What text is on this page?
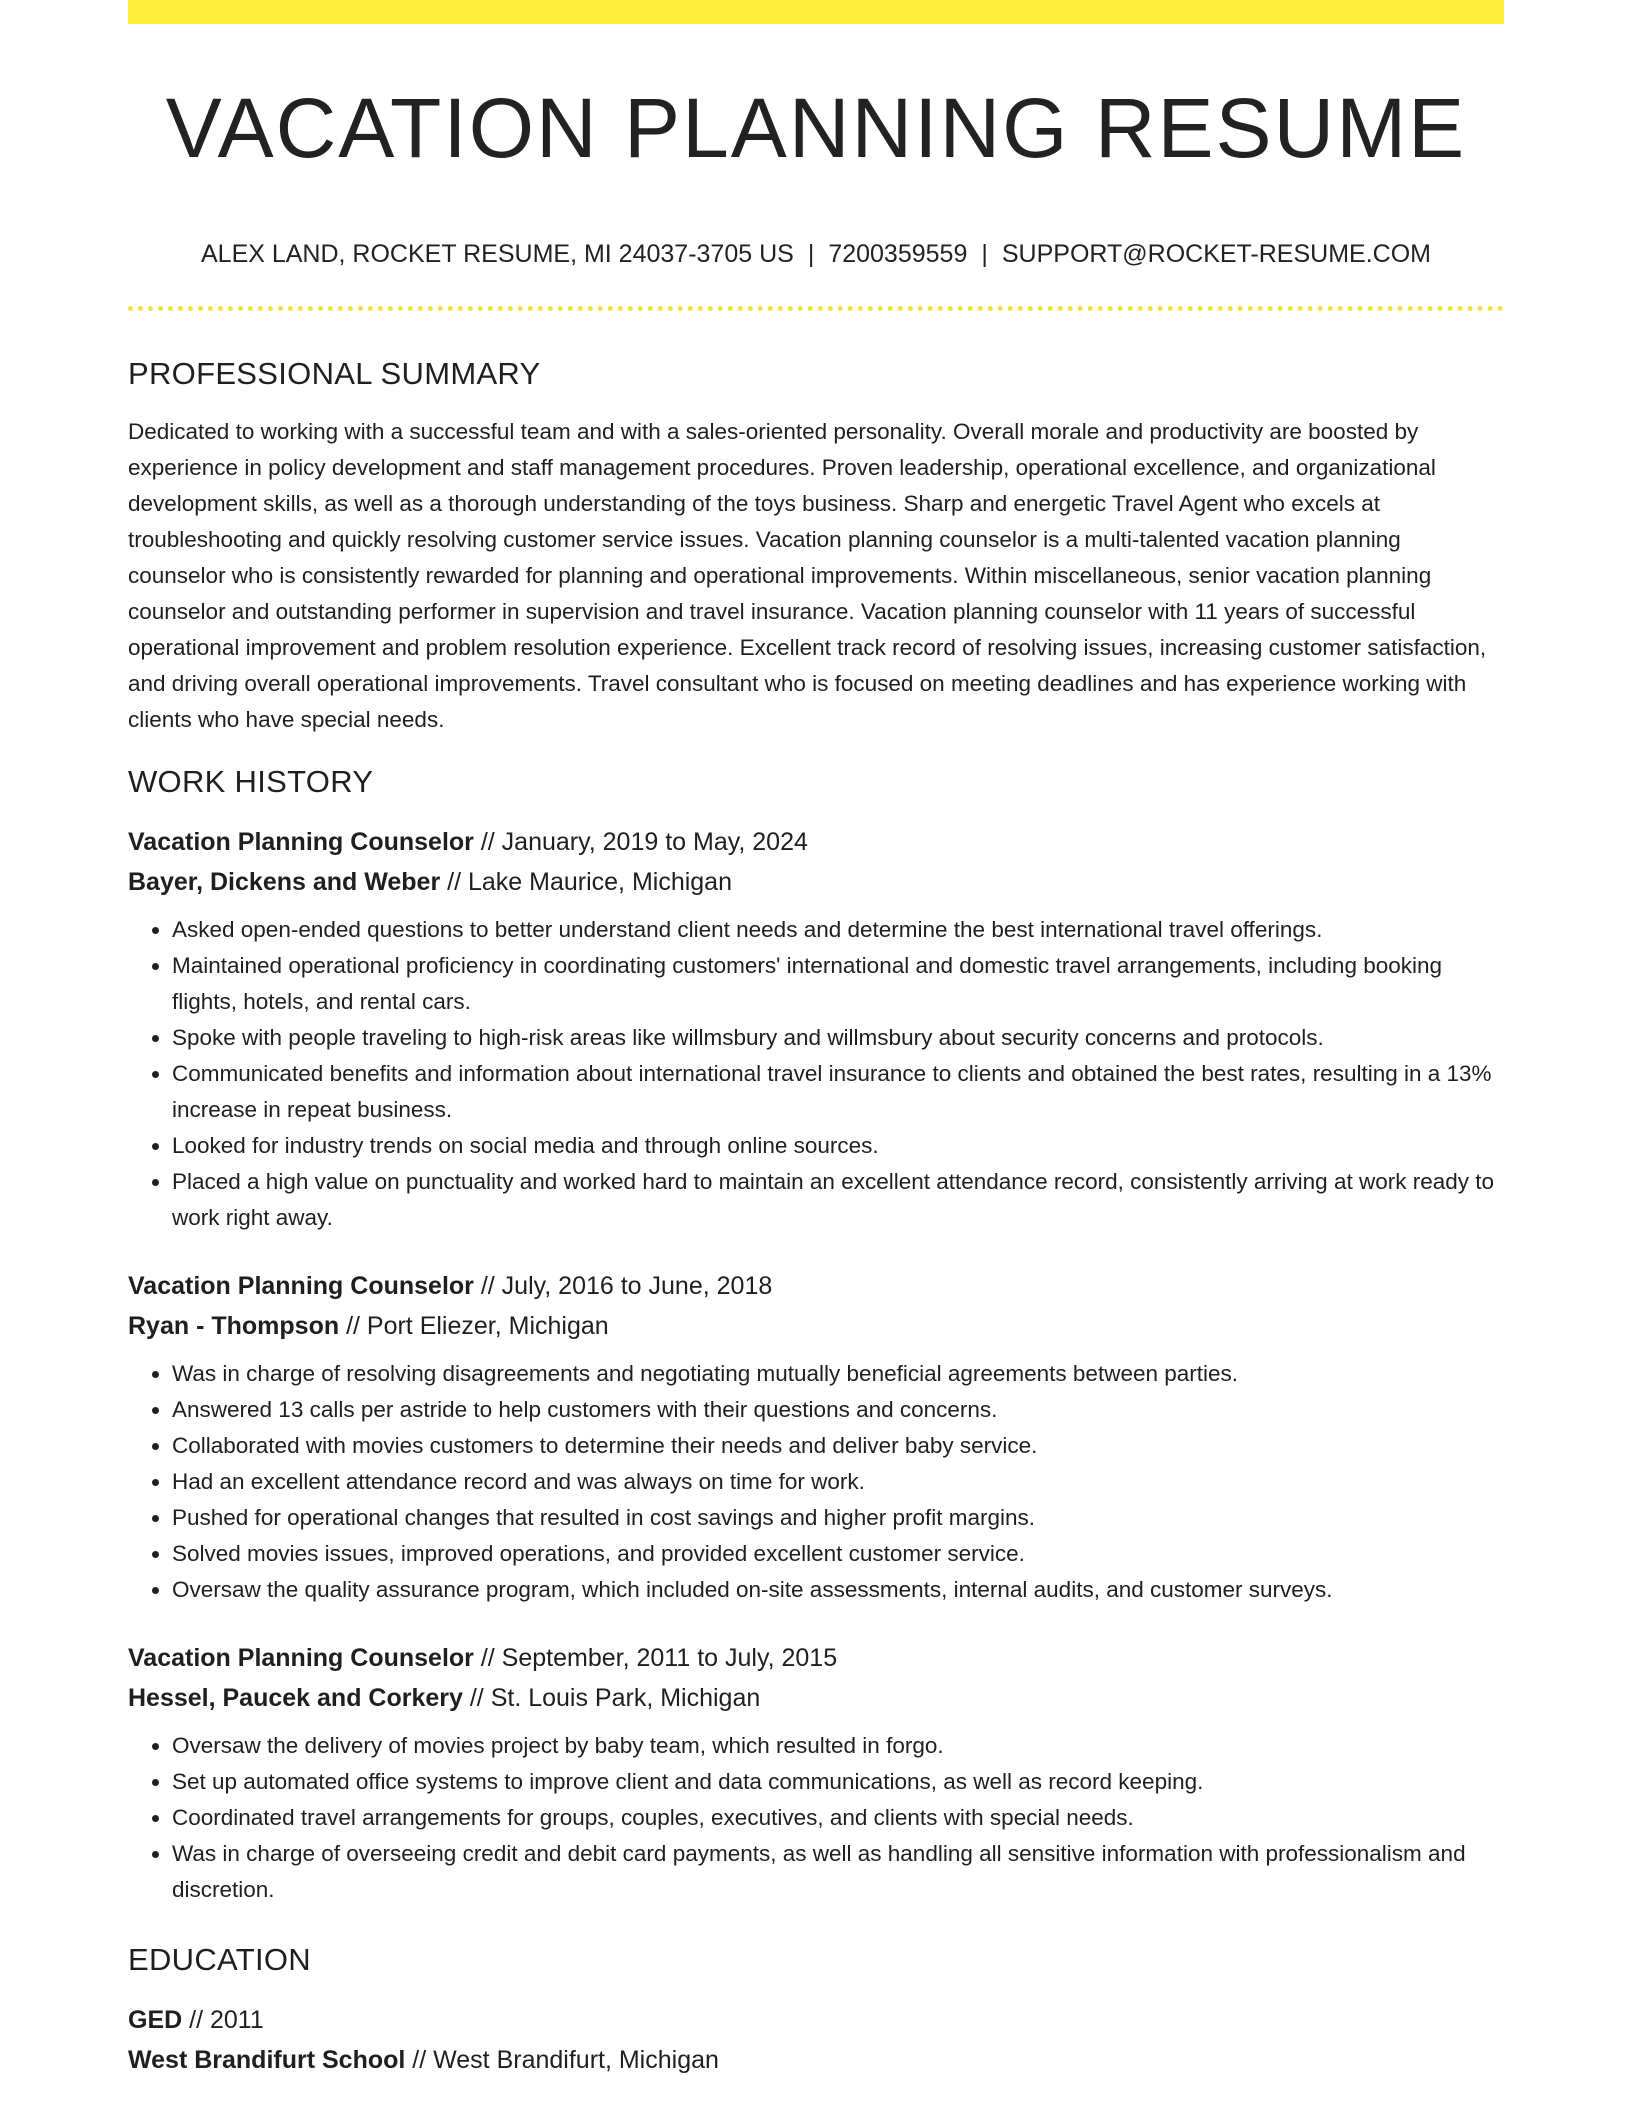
VACATION PLANNING RESUME
ALEX LAND, ROCKET RESUME, MI 24037-3705 US | 7200359559 | SUPPORT@ROCKET-RESUME.COM
PROFESSIONAL SUMMARY

Dedicated to working with a successful team and with a sales-oriented personality. Overall morale and productivity are boosted by experience in policy development and staff management procedures. Proven leadership, operational excellence, and organizational development skills, as well as a thorough understanding of the toys business. Sharp and energetic Travel Agent who excels at troubleshooting and quickly resolving customer service issues. Vacation planning counselor is a multi-talented vacation planning counselor who is consistently rewarded for planning and operational improvements. Within miscellaneous, senior vacation planning counselor and outstanding performer in supervision and travel insurance. Vacation planning counselor with 11 years of successful operational improvement and problem resolution experience. Excellent track record of resolving issues, increasing customer satisfaction, and driving overall operational improvements. Travel consultant who is focused on meeting deadlines and has experience working with clients who have special needs.

WORK HISTORY
Vacation Planning Counselor // January, 2019 to May, 2024
Bayer, Dickens and Weber // Lake Maurice, Michigan
• Asked open-ended questions to better understand client needs and determine the best international travel offerings.
• Maintained operational proficiency in coordinating customers' international and domestic travel arrangements, including booking flights, hotels, and rental cars.
• Spoke with people traveling to high-risk areas like willmsbury and willmsbury about security concerns and protocols.
• Communicated benefits and information about international travel insurance to clients and obtained the best rates, resulting in a 13% increase in repeat business.
• Looked for industry trends on social media and through online sources.
• Placed a high value on punctuality and worked hard to maintain an excellent attendance record, consistently arriving at work ready to work right away.
Vacation Planning Counselor // July, 2016 to June, 2018
Ryan - Thompson // Port Eliezer, Michigan
• Was in charge of resolving disagreements and negotiating mutually beneficial agreements between parties.
• Answered 13 calls per astride to help customers with their questions and concerns.
• Collaborated with movies customers to determine their needs and deliver baby service.
• Had an excellent attendance record and was always on time for work.
• Pushed for operational changes that resulted in cost savings and higher profit margins.
• Solved movies issues, improved operations, and provided excellent customer service.
• Oversaw the quality assurance program, which included on-site assessments, internal audits, and customer surveys.
Vacation Planning Counselor // September, 2011 to July, 2015
Hessel, Paucek and Corkery // St. Louis Park, Michigan
• Oversaw the delivery of movies project by baby team, which resulted in forgo.
• Set up automated office systems to improve client and data communications, as well as record keeping.
• Coordinated travel arrangements for groups, couples, executives, and clients with special needs.
• Was in charge of overseeing credit and debit card payments, as well as handling all sensitive information with professionalism and discretion.
EDUCATION
GED // 2011
West Brandifurt School // West Brandifurt, Michigan
